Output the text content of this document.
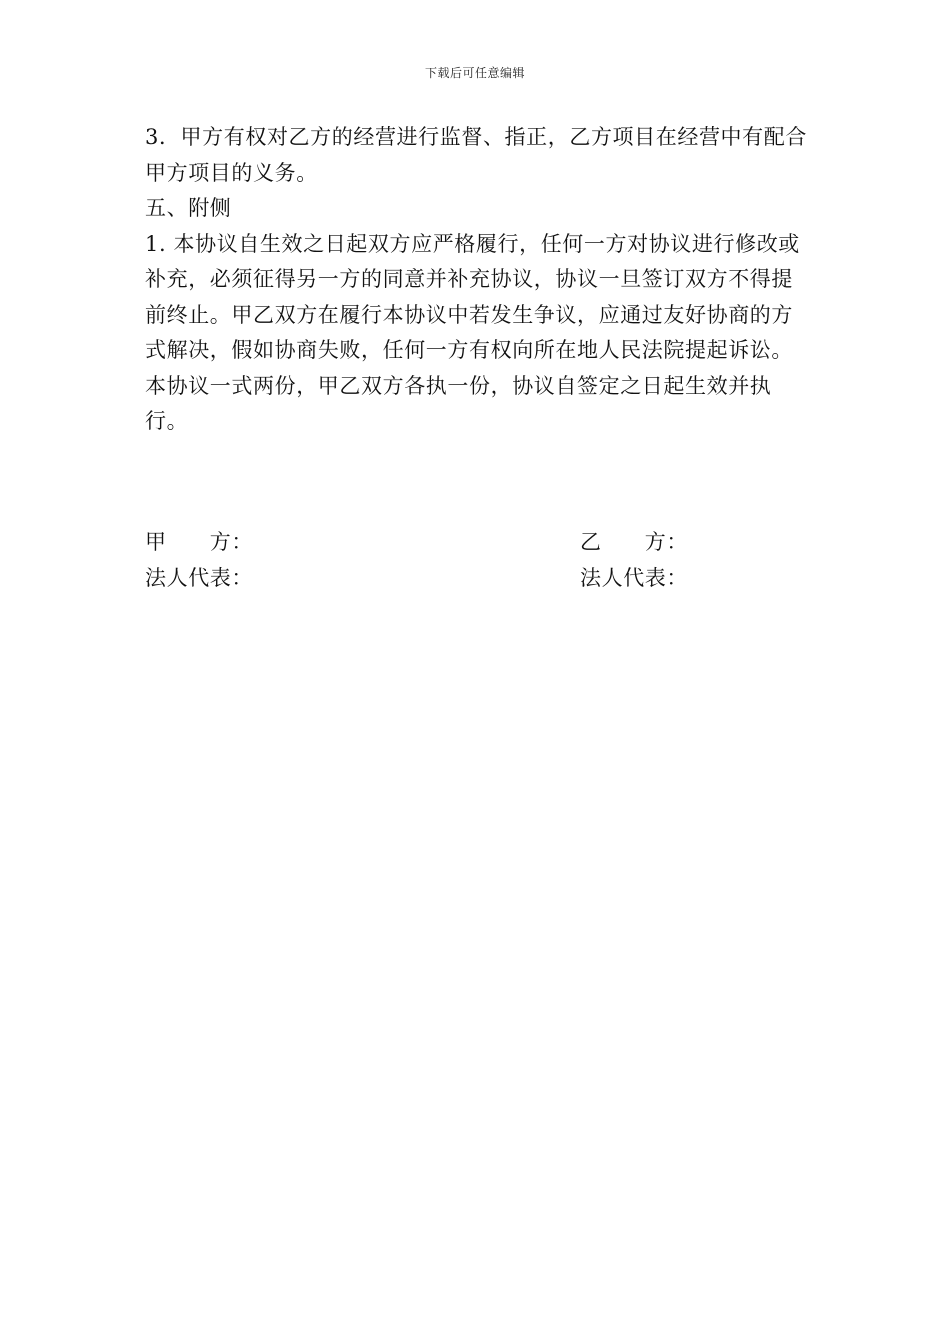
下载后可任意编辑

3．甲方有权对乙方的经营进行监督、指正，乙方项目在经营中有配合甲方项目的义务。

五、附侧

1. 本协议自生效之日起双方应严格履行，任何一方对协议进行修改或补充，必须征得另一方的同意并补充协议，协议一旦签订双方不得提前终止。甲乙双方在履行本协议中若发生争议，应通过友好协商的方式解决，假如协商失败，任何一方有权向所在地人民法院提起诉讼。

本协议一式两份，甲乙双方各执一份，协议自签定之日起生效并执行。

甲　　方：
法人代表：
乙　　方：
法人代表：
